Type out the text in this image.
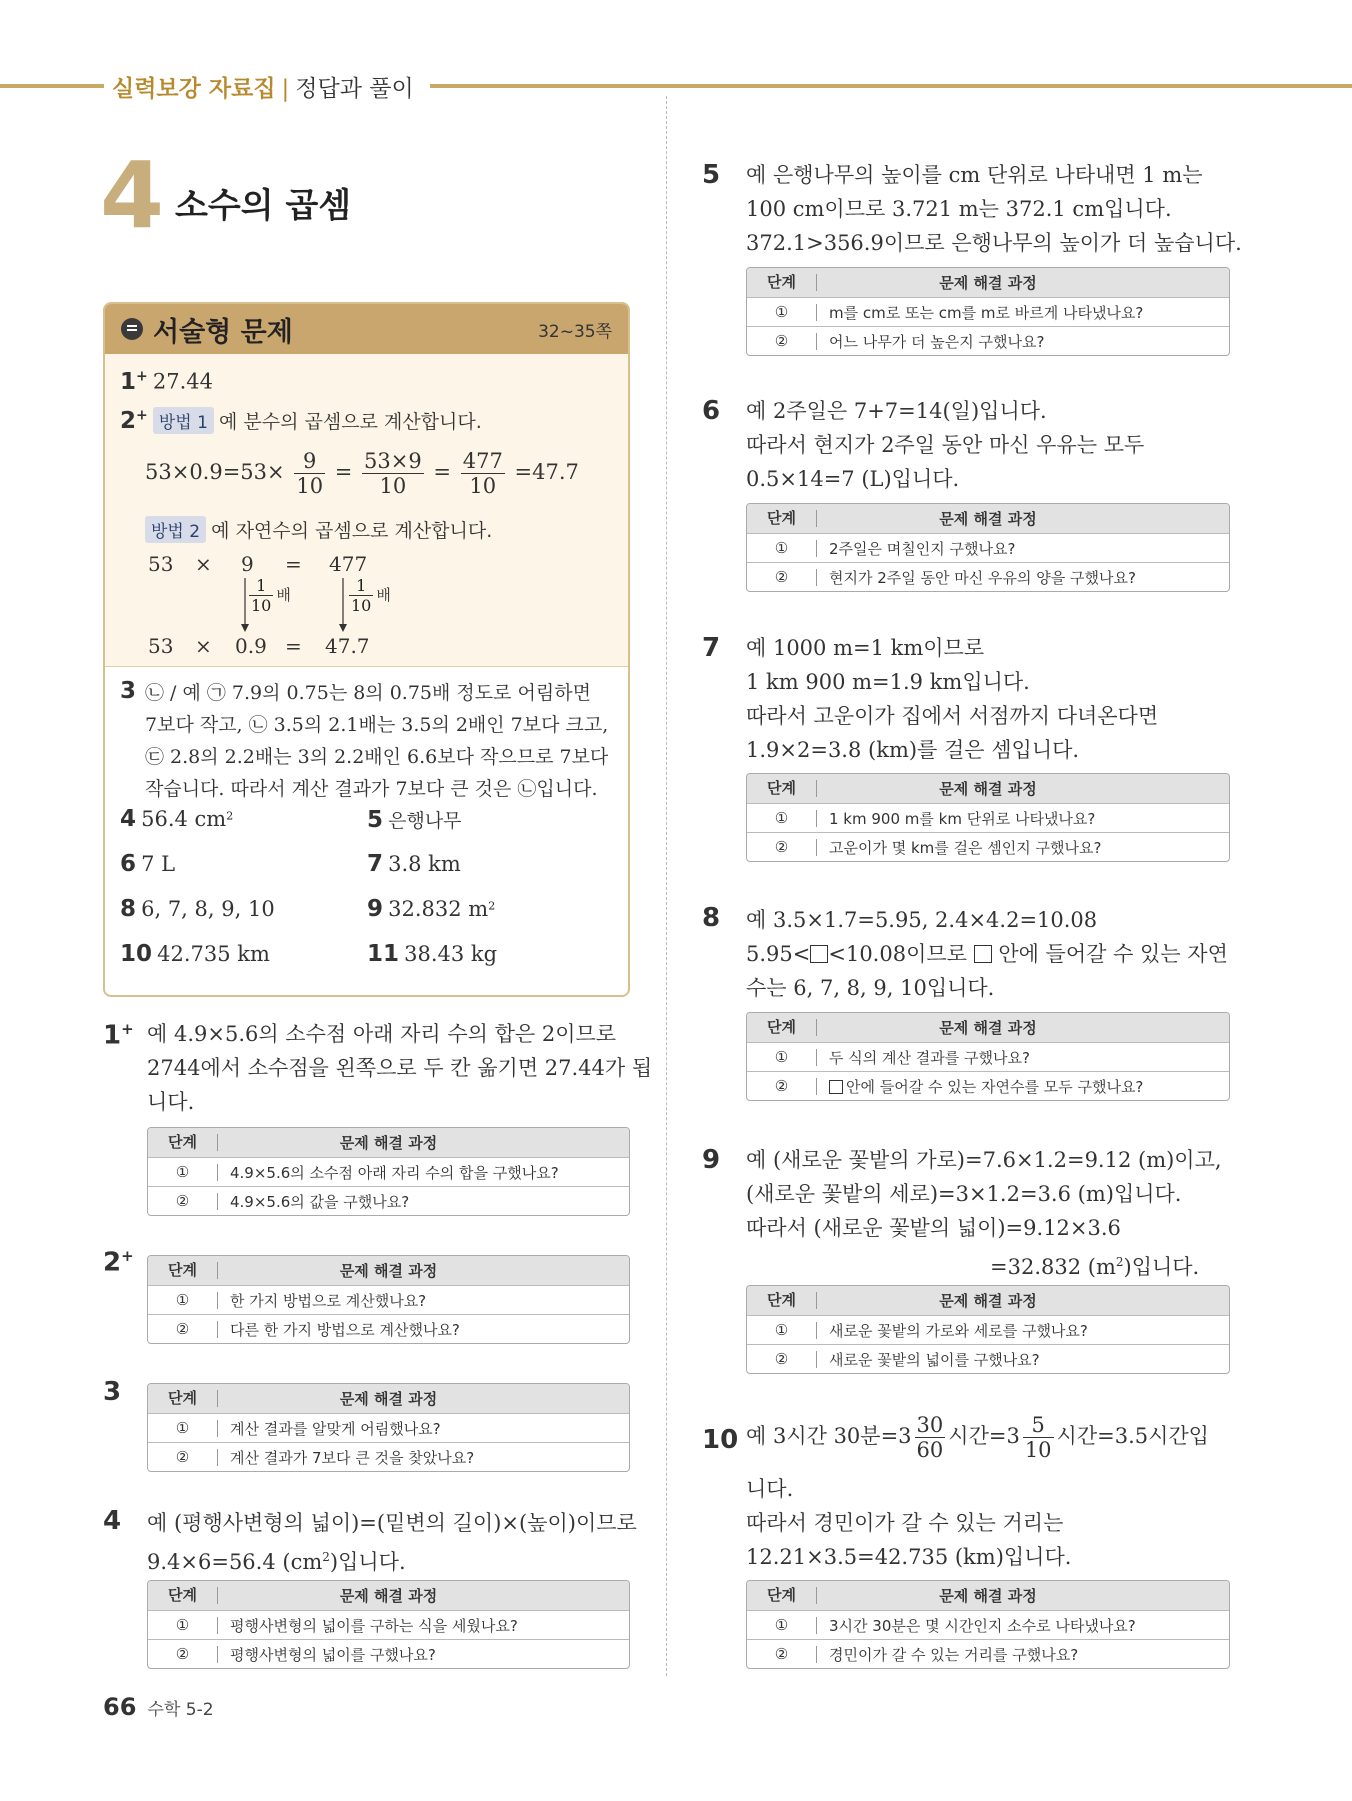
실력보강 자료집 | 정답과 풀이
4 소수의 곱셈
서술형 문제	32~35쪽
1+ 27.44
2+ 방법 1 예 분수의 곱셈으로 계산합니다.
$53\times 0.9=53\times \frac{9}{10} = \frac{53\times 9}{10} = \frac{477}{10} =47.7$
방법 2 예 자연수의 곱셈으로 계산합니다.
53 × 9 = 477
$\frac{1}{10}$ 배	$\frac{1}{10}$ 배
53 × 0.9 = 47.7
3 ㉡ / 예 ㉠ 7.9의 0.75는 8의 0.75배 정도로 어림하면
7보다 작고, ㉡ 3.5의 2.1배는 3.5의 2배인 7보다 크고,
㉢ 2.8의 2.2배는 3의 2.2배인 6.6보다 작으므로 7보다
작습니다. 따라서 계산 결과가 7보다 큰 것은 ㉡입니다.
4 56.4 $cm^2$	5 은행나무
6 7 L	7 3.8 km
8 6, 7, 8, 9, 10	9 32.832 $m^2$
10 42.735 km	11 38.43 kg
1+ 예 4.9×5.6의 소수점 아래 자리 수의 합은 2이므로
2744에서 소수점을 왼쪽으로 두 칸 옮기면 27.44가 됩
니다.
단계	문제 해결 과정
①	4.9×5.6의 소수점 아래 자리 수의 합을 구했나요?
②	4.9×5.6의 값을 구했나요?
2+
단계	문제 해결 과정
①	한 가지 방법으로 계산했나요?
②	다른 한 가지 방법으로 계산했나요?
3	단계	문제 해결 과정
①	계산 결과를 알맞게 어림했나요?
②	계산 결과가 7보다 큰 것을 찾았나요?
4 예 (평행사변형의 넓이)=(밑변의 길이)×(높이)이므로
9.4×6=56.4 $(cm^2)$입니다.
단계	문제 해결 과정
①	평행사변형의 넓이를 구하는 식을 세웠나요?
②	평행사변형의 넓이를 구했나요?
5 예 은행나무의 높이를 cm 단위로 나타내면 1 m는
100 cm이므로 3.721 m는 372.1 cm입니다.
372.1>356.9이므로 은행나무의 높이가 더 높습니다.
단계	문제 해결 과정
①	m를 cm로 또는 cm를 m로 바르게 나타냈나요?
②	어느 나무가 더 높은지 구했나요?
6 예 2주일은 7+7=14(일)입니다.
따라서 현지가 2주일 동안 마신 우유는 모두
0.5×14=7 (L)입니다.
단계	문제 해결 과정
①	2주일은 며칠인지 구했나요?
②	현지가 2주일 동안 마신 우유의 양을 구했나요?
7 예 1000 m=1 km이므로
1 km 900 m=1.9 km입니다.
따라서 고운이가 집에서 서점까지 다녀온다면
1.9×2=3.8 (km)를 걸은 셈입니다.
단계	문제 해결 과정
①	1 km 900 m를 km 단위로 나타냈나요?
②	고운이가 몇 km를 걸은 셈인지 구했나요?
8 예 3.5×1.7=5.95, 2.4×4.2=10.08
5.95< <10.08이므로 안에 들어갈 수 있는 자연
수는 6, 7, 8, 9, 10입니다.
단계	문제 해결 과정
①	두 식의 계산 결과를 구했나요?
②	안에 들어갈 수 있는 자연수를 모두 구했나요?
9 예 (새로운 꽃밭의 가로)=7.6×1.2=9.12 (m)이고,
(새로운 꽃밭의 세로)=3×1.2=3.6 (m)입니다.
따라서 (새로운 꽃밭의 넓이)=9.12×3.6
=32.832 $(m^2)$입니다.
단계	문제 해결 과정
①	새로운 꽃밭의 가로와 세로를 구했나요?
②	새로운 꽃밭의 넓이를 구했나요?
10 예 3시간 30분$=3 \frac{30}{60}$ 시간$=3 \frac{5}{10}$ 시간=3.5시간입
니다.
따라서 경민이가 갈 수 있는 거리는
12.21×3.5=42.735 (km)입니다.
단계	문제 해결 과정
①	3시간 30분은 몇 시간인지 소수로 나타냈나요?
②	경민이가 갈 수 있는 거리를 구했나요?
66 수학 5-2
